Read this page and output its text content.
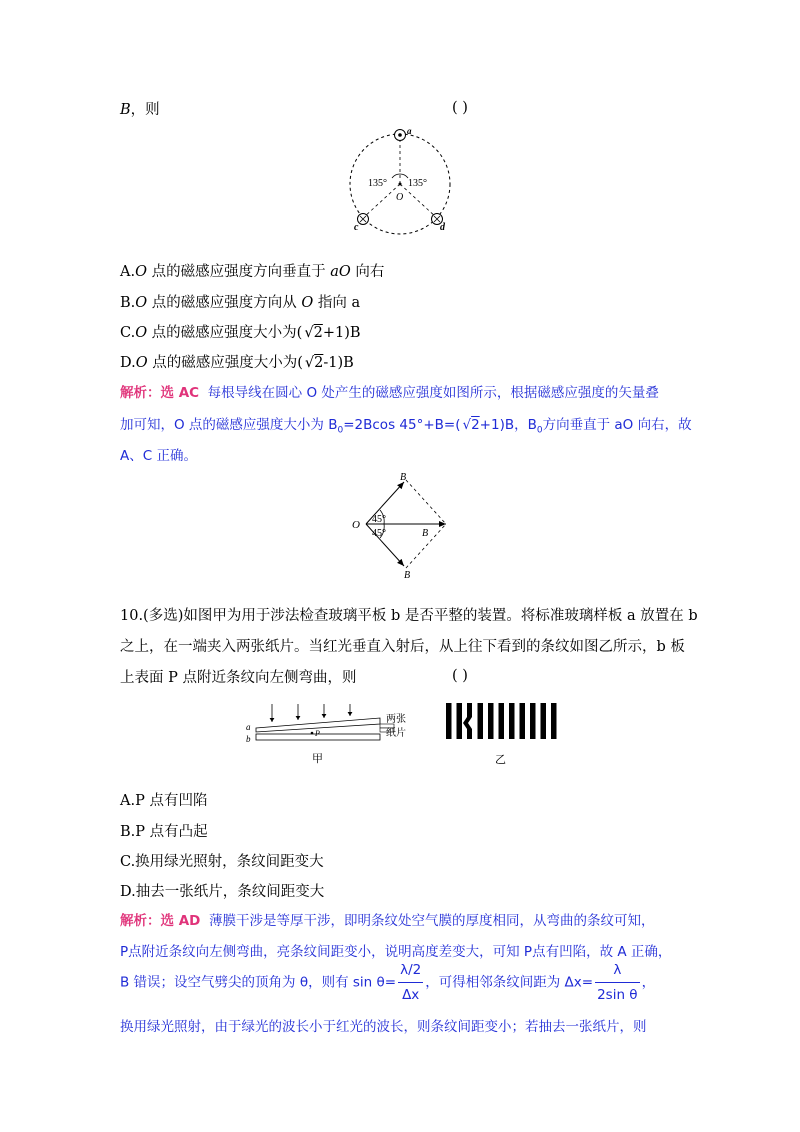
B，则	( )
a
135° 135°
O
c	d
A.O 点的磁感应强度方向垂直于 aO 向右
B.O 点的磁感应强度方向从 O 指向 a
C.O 点的磁感应强度大小为( √2+1)B
D.O 点的磁感应强度大小为( √2-1)B
解析：选 AC 每根导线在圆心 O 处产生的磁感应强度如图所示，根据磁感应强度的矢量叠
加可知，O 点的磁感应强度大小为 $B_0=2Bcos$ 45°+B=( √2+1)B，$B_0$方向垂直于 aO 向右，故
A、C 正确。
O 45°
45°
B
B
B
10.(多选)如图甲为用于涉法检查玻璃平板 b 是否平整的装置。将标准玻璃样板 a 放置在 b
之上，在一端夹入两张纸片。当红光垂直入射后，从上往下看到的条纹如图乙所示，b 板
上表面 P 点附近条纹向左侧弯曲，则	( )
a
b
P
两张
纸片
甲	乙
A.P 点有凹陷
B.P 点有凸起
C.换用绿光照射，条纹间距变大
D.抽去一张纸片，条纹间距变大
解析：选 AD 薄膜干涉是等厚干涉，即明条纹处空气膜的厚度相同，从弯曲的条纹可知，
P点附近条纹向左侧弯曲，亮条纹间距变小，说明高度差变大，可知 P点有凹陷，故 A 正确，
B 错误；设空气劈尖的顶角为 θ，则有 $\sin \theta= \frac{\lambda/2}{\Delta x}$ ，可得相邻条纹间距为 $\Delta x= \frac{\lambda}{\text{2sin θ}}$ ，
换用绿光照射，由于绿光的波长小于红光的波长，则条纹间距变小；若抽去一张纸片，则
